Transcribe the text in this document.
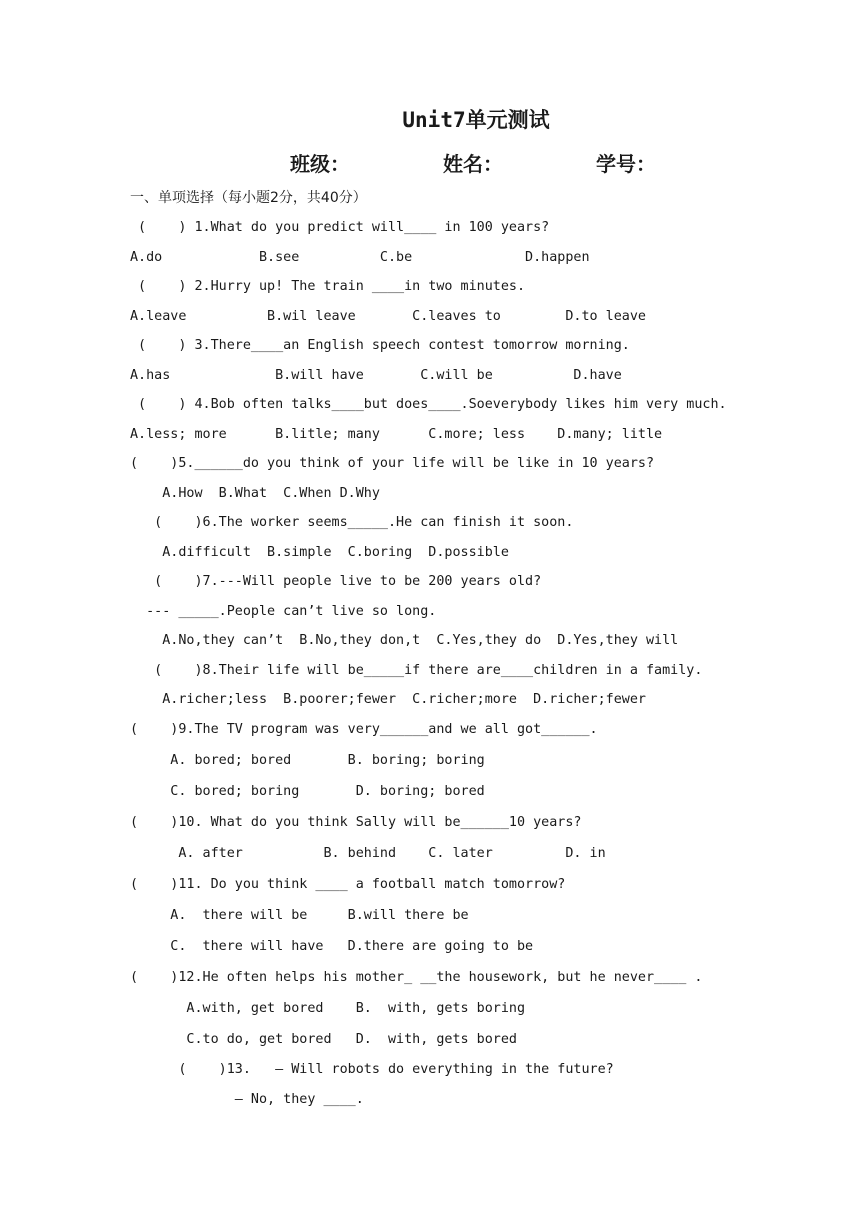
Unit7单元测试
班级：	姓名：	学号：
一、单项选择（每小题2分，共40分）
(    ) 1.What do you predict will____ in 100 years?
A.do            B.see          C.be              D.happen
(    ) 2.Hurry up! The train ____in two minutes.
A.leave          B.wil leave       C.leaves to        D.to leave
(    ) 3.There____an English speech contest tomorrow morning.
A.has             B.will have       C.will be          D.have
(    ) 4.Bob often talks____but does____.Soeverybody likes him very much.
A.less; more      B.litle; many      C.more; less    D.many; litle
(    )5.______do you think of your life will be like in 10 years?
A.How  B.What  C.When D.Why
(    )6.The worker seems_____.He can finish it soon.
A.difficult  B.simple  C.boring  D.possible
(    )7.---Will people live to be 200 years old?
--- _____.People can’t live so long.
A.No,they can’t  B.No,they don,t  C.Yes,they do  D.Yes,they will
(    )8.Their life will be_____if there are____children in a family.
A.richer;less  B.poorer;fewer  C.richer;more  D.richer;fewer
(    )9.The TV program was very______and we all got______.
A. bored; bored       B. boring; boring
C. bored; boring       D. boring; bored
(    )10. What do you think Sally will be______10 years?
A. after          B. behind    C. later         D. in
(    )11. Do you think ____ a football match tomorrow?
A.  there will be     B.will there be
C.  there will have   D.there are going to be
(    )12.He often helps his mother_ __the housework, but he never____ .
A.with, get bored    B.  with, gets boring
C.to do, get bored   D.  with, gets bored
(    )13.   — Will robots do everything in the future?
— No, they ____.
